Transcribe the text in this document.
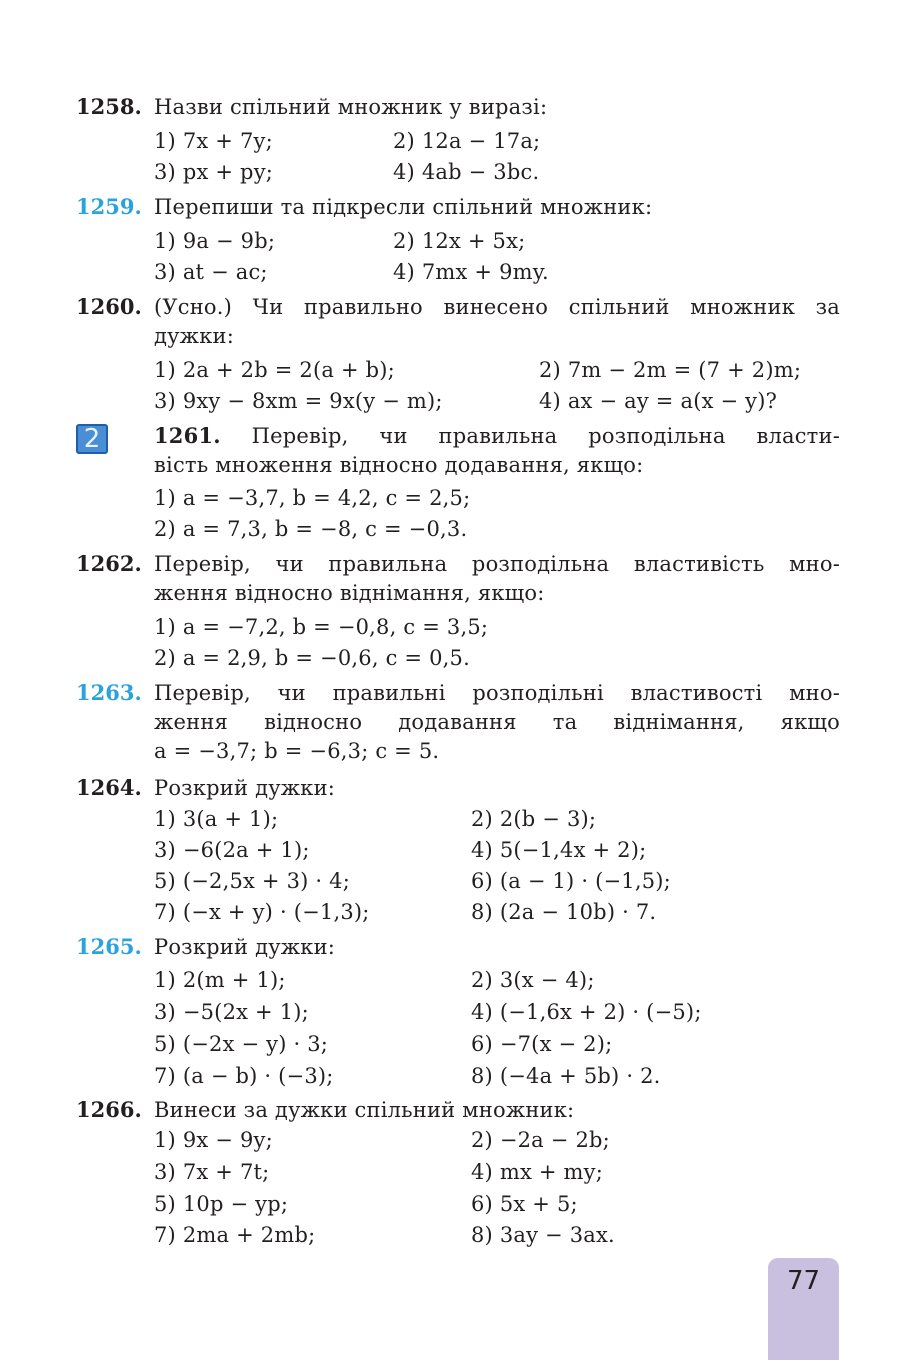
1258. Назви спільний множник у виразі:
1) 7x + 7y;	2) 12a − 17a;
3) px + py;	4) 4ab − 3bc.
1259. Перепиши та підкресли спільний множник:
1) 9a − 9b;	2) 12x + 5x;
3) at − ac;	4) 7mx + 9my.
1260. (Усно.) Чи правильно винесено спільний множник за
дужки:
1) 2a + 2b = 2(a + b);	2) 7m − 2m = (7 + 2)m;
3) 9xy − 8xm = 9x(y − m);	4) ax − ay = a(x − y)?
2	1261. Перевір, чи правильна розподільна власти-
вість множення відносно додавання, якщо:
1) a = −3,7, b = 4,2, c = 2,5;
2) a = 7,3, b = −8, c = −0,3.
1262. Перевір, чи правильна розподільна властивість мно-
ження відносно віднімання, якщо:
1) a = −7,2, b = −0,8, c = 3,5;
2) a = 2,9, b = −0,6, c = 0,5.
1263. Перевір, чи правильні розподільні властивості мно-
ження відносно додавання та віднімання, якщо
a = −3,7; b = −6,3; c = 5.
1264. Розкрий дужки:
1) 3(a + 1);	2) 2(b − 3);
3) −6(2a + 1);	4) 5(−1,4x + 2);
5) (−2,5x + 3) · 4;	6) (a − 1) · (−1,5);
7) (−x + y) · (−1,3);	8) (2a − 10b) · 7.
1265. Розкрий дужки:
1) 2(m + 1);	2) 3(x − 4);
3) −5(2x + 1);	4) (−1,6x + 2) · (−5);
5) (−2x − y) · 3;	6) −7(x − 2);
7) (a − b) · (−3);	8) (−4a + 5b) · 2.
1266. Винеси за дужки спільний множник:
1) 9x − 9y;	2) −2a − 2b;
3) 7x + 7t;	4) mx + my;
5) 10p − yp;	6) 5x + 5;
7) 2ma + 2mb;	8) 3ay − 3ax.
77
